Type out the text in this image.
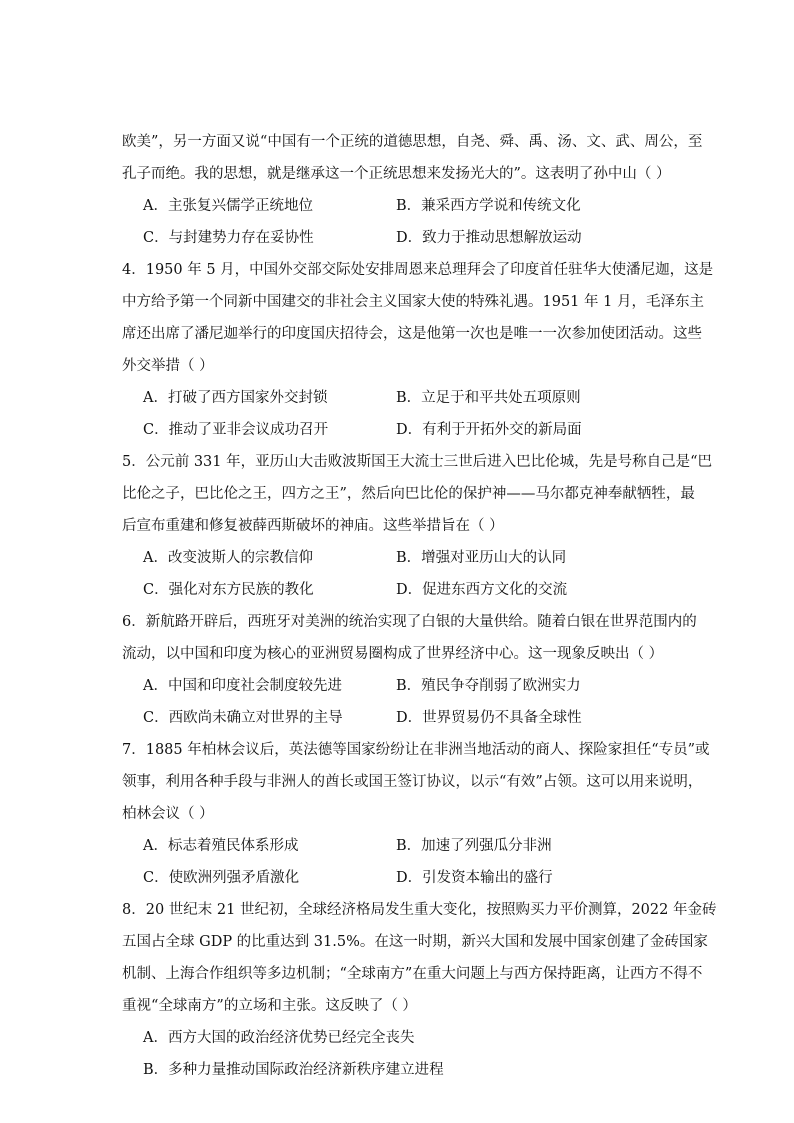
欧美”，另一方面又说“中国有一个正统的道德思想，自尧、舜、禹、汤、文、武、周公，至
孔子而绝。我的思想，就是继承这一个正统思想来发扬光大的”。这表明了孙中山（ ）
A．主张复兴儒学正统地位	B．兼采西方学说和传统文化
C．与封建势力存在妥协性	D．致力于推动思想解放运动
4．1950 年 5 月，中国外交部交际处安排周恩来总理拜会了印度首任驻华大使潘尼迦，这是
中方给予第一个同新中国建交的非社会主义国家大使的特殊礼遇。1951 年 1 月，毛泽东主
席还出席了潘尼迦举行的印度国庆招待会，这是他第一次也是唯一一次参加使团活动。这些
外交举措（ ）
A．打破了西方国家外交封锁	B．立足于和平共处五项原则
C．推动了亚非会议成功召开	D．有利于开拓外交的新局面
5．公元前 331 年，亚历山大击败波斯国王大流士三世后进入巴比伦城，先是号称自己是“巴
比伦之子，巴比伦之王，四方之王”，然后向巴比伦的保护神——马尔都克神奉献牺牲，最
后宣布重建和修复被薛西斯破坏的神庙。这些举措旨在（ ）
A．改变波斯人的宗教信仰	B．增强对亚历山大的认同
C．强化对东方民族的教化	D．促进东西方文化的交流
6．新航路开辟后，西班牙对美洲的统治实现了白银的大量供给。随着白银在世界范围内的
流动，以中国和印度为核心的亚洲贸易圈构成了世界经济中心。这一现象反映出（ ）
A．中国和印度社会制度较先进	B．殖民争夺削弱了欧洲实力
C．西欧尚未确立对世界的主导	D．世界贸易仍不具备全球性
7．1885 年柏林会议后，英法德等国家纷纷让在非洲当地活动的商人、探险家担任“专员”或
领事，利用各种手段与非洲人的酋长或国王签订协议，以示“有效”占领。这可以用来说明，
柏林会议（ ）
A．标志着殖民体系形成	B．加速了列强瓜分非洲
C．使欧洲列强矛盾激化	D．引发资本输出的盛行
8．20 世纪末 21 世纪初，全球经济格局发生重大变化，按照购买力平价测算，2022 年金砖
五国占全球 GDP 的比重达到 31.5%。在这一时期，新兴大国和发展中国家创建了金砖国家
机制、上海合作组织等多边机制；“全球南方”在重大问题上与西方保持距离，让西方不得不
重视“全球南方”的立场和主张。这反映了（ ）
A．西方大国的政治经济优势已经完全丧失
B．多种力量推动国际政治经济新秩序建立进程
